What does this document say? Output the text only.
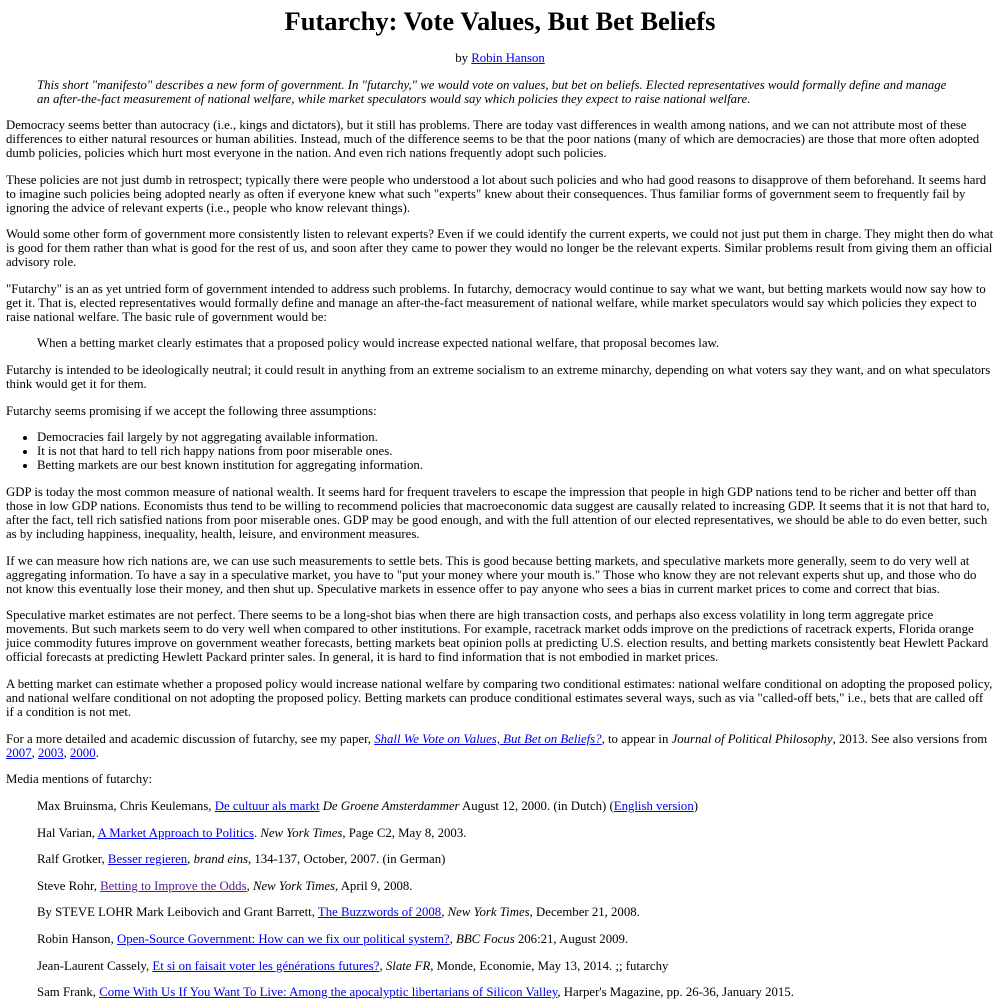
Futarchy: Vote Values, But Bet Beliefs
by Robin Hanson
This short "manifesto" describes a new form of government. In "futarchy," we would vote on values, but bet on beliefs. Elected representatives would formally define and manage an after-the-fact measurement of national welfare, while market speculators would say which policies they expect to raise national welfare.
Democracy seems better than autocracy (i.e., kings and dictators), but it still has problems. There are today vast differences in wealth among nations, and we can not attribute most of these differences to either natural resources or human abilities. Instead, much of the difference seems to be that the poor nations (many of which are democracies) are those that more often adopted dumb policies, policies which hurt most everyone in the nation. And even rich nations frequently adopt such policies.
These policies are not just dumb in retrospect; typically there were people who understood a lot about such policies and who had good reasons to disapprove of them beforehand. It seems hard to imagine such policies being adopted nearly as often if everyone knew what such "experts" knew about their consequences. Thus familiar forms of government seem to frequently fail by ignoring the advice of relevant experts (i.e., people who know relevant things).
Would some other form of government more consistently listen to relevant experts? Even if we could identify the current experts, we could not just put them in charge. They might then do what is good for them rather than what is good for the rest of us, and soon after they came to power they would no longer be the relevant experts. Similar problems result from giving them an official advisory role.
"Futarchy" is an as yet untried form of government intended to address such problems. In futarchy, democracy would continue to say what we want, but betting markets would now say how to get it. That is, elected representatives would formally define and manage an after-the-fact measurement of national welfare, while market speculators would say which policies they expect to raise national welfare. The basic rule of government would be:
When a betting market clearly estimates that a proposed policy would increase expected national welfare, that proposal becomes law.
Futarchy is intended to be ideologically neutral; it could result in anything from an extreme socialism to an extreme minarchy, depending on what voters say they want, and on what speculators think would get it for them.
Futarchy seems promising if we accept the following three assumptions:
• Democracies fail largely by not aggregating available information.
• It is not that hard to tell rich happy nations from poor miserable ones.
• Betting markets are our best known institution for aggregating information.
GDP is today the most common measure of national wealth. It seems hard for frequent travelers to escape the impression that people in high GDP nations tend to be richer and better off than those in low GDP nations. Economists thus tend to be willing to recommend policies that macroeconomic data suggest are causally related to increasing GDP. It seems that it is not that hard to, after the fact, tell rich satisfied nations from poor miserable ones. GDP may be good enough, and with the full attention of our elected representatives, we should be able to do even better, such as by including happiness, inequality, health, leisure, and environment measures.
If we can measure how rich nations are, we can use such measurements to settle bets. This is good because betting markets, and speculative markets more generally, seem to do very well at aggregating information. To have a say in a speculative market, you have to "put your money where your mouth is." Those who know they are not relevant experts shut up, and those who do not know this eventually lose their money, and then shut up. Speculative markets in essence offer to pay anyone who sees a bias in current market prices to come and correct that bias.
Speculative market estimates are not perfect. There seems to be a long-shot bias when there are high transaction costs, and perhaps also excess volatility in long term aggregate price movements. But such markets seem to do very well when compared to other institutions. For example, racetrack market odds improve on the predictions of racetrack experts, Florida orange juice commodity futures improve on government weather forecasts, betting markets beat opinion polls at predicting U.S. election results, and betting markets consistently beat Hewlett Packard official forecasts at predicting Hewlett Packard printer sales. In general, it is hard to find information that is not embodied in market prices.
A betting market can estimate whether a proposed policy would increase national welfare by comparing two conditional estimates: national welfare conditional on adopting the proposed policy, and national welfare conditional on not adopting the proposed policy. Betting markets can produce conditional estimates several ways, such as via "called-off bets," i.e., bets that are called off if a condition is not met.
For a more detailed and academic discussion of futarchy, see my paper, Shall We Vote on Values, But Bet on Beliefs?, to appear in Journal of Political Philosophy, 2013. See also versions from
2007, 2003, 2000.
Media mentions of futarchy:
Max Bruinsma, Chris Keulemans, De cultuur als markt De Groene Amsterdammer August 12, 2000. (in Dutch) (English version)
Hal Varian, A Market Approach to Politics. New York Times, Page C2, May 8, 2003.
Ralf Grotker, Besser regieren, brand eins, 134-137, October, 2007. (in German)
Steve Rohr, Betting to Improve the Odds, New York Times, April 9, 2008.
By STEVE LOHR Mark Leibovich and Grant Barrett, The Buzzwords of 2008, New York Times, December 21, 2008.
Robin Hanson, Open-Source Government: How can we fix our political system?, BBC Focus 206:21, August 2009.
Jean-Laurent Cassely, Et si on faisait voter les générations futures?, Slate FR, Monde, Economie, May 13, 2014. ;; futarchy
Sam Frank, Come With Us If You Want To Live: Among the apocalyptic libertarians of Silicon Valley, Harper's Magazine, pp. 26-36, January 2015.
